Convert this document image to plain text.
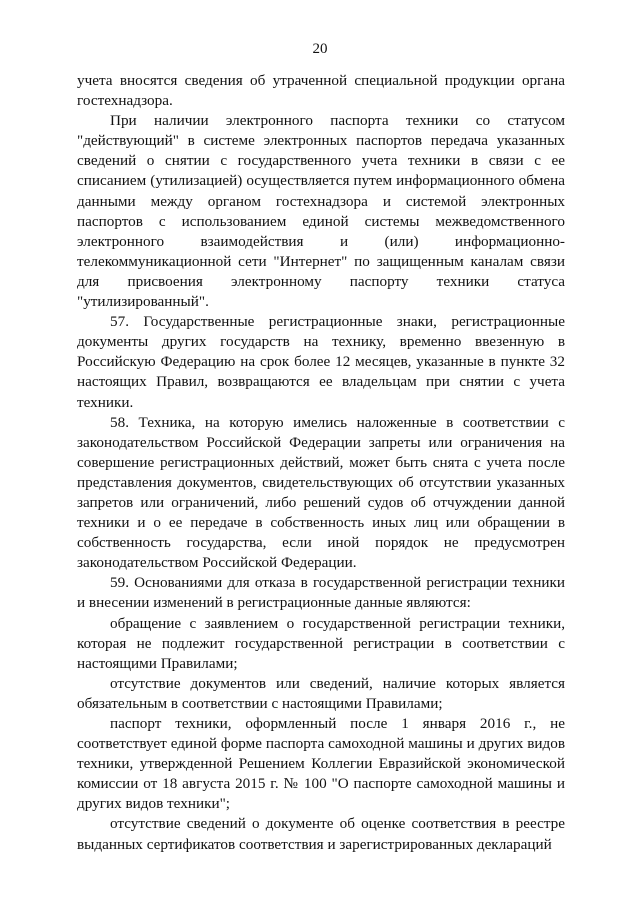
20

учета вносятся сведения об утраченной специальной продукции органа гостехнадзора.

При наличии электронного паспорта техники со статусом "действующий" в системе электронных паспортов передача указанных сведений о снятии с государственного учета техники в связи с ее списанием (утилизацией) осуществляется путем информационного обмена данными между органом гостехнадзора и системой электронных паспортов с использованием единой системы межведомственного электронного взаимодействия и (или) информационно-телекоммуникационной сети "Интернет" по защищенным каналам связи для присвоения электронному паспорту техники статуса "утилизированный".

57. Государственные регистрационные знаки, регистрационные документы других государств на технику, временно ввезенную в Российскую Федерацию на срок более 12 месяцев, указанные в пункте 32 настоящих Правил, возвращаются ее владельцам при снятии с учета техники.

58. Техника, на которую имелись наложенные в соответствии с законодательством Российской Федерации запреты или ограничения на совершение регистрационных действий, может быть снята с учета после представления документов, свидетельствующих об отсутствии указанных запретов или ограничений, либо решений судов об отчуждении данной техники и о ее передаче в собственность иных лиц или обращении в собственность государства, если иной порядок не предусмотрен законодательством Российской Федерации.

59. Основаниями для отказа в государственной регистрации техники и внесении изменений в регистрационные данные являются:

обращение с заявлением о государственной регистрации техники, которая не подлежит государственной регистрации в соответствии с настоящими Правилами;

отсутствие документов или сведений, наличие которых является обязательным в соответствии с настоящими Правилами;

паспорт техники, оформленный после 1 января 2016 г., не соответствует единой форме паспорта самоходной машины и других видов техники, утвержденной Решением Коллегии Евразийской экономической комиссии от 18 августа 2015 г. № 100 "О паспорте самоходной машины и других видов техники";

отсутствие сведений о документе об оценке соответствия в реестре выданных сертификатов соответствия и зарегистрированных деклараций
